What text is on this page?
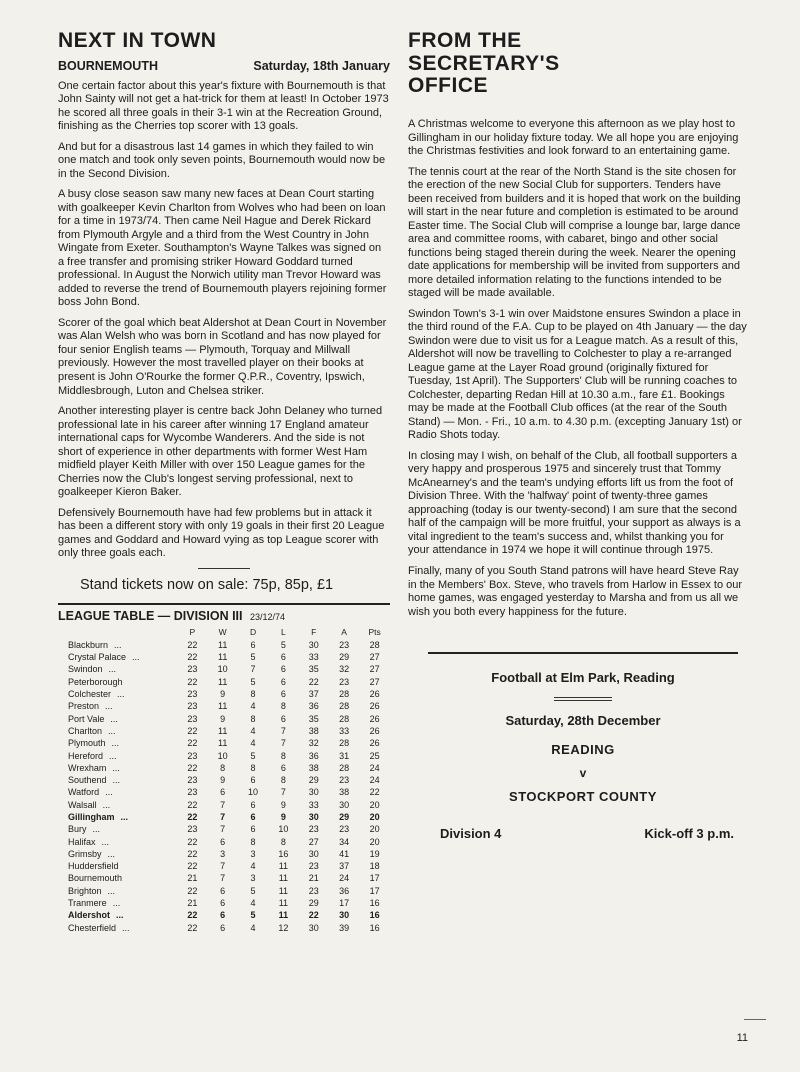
NEXT IN TOWN
BOURNEMOUTH	Saturday, 18th January

One certain factor about this year's fixture with Bournemouth is that John Sainty will not get a hat-trick for them at least! In October 1973 he scored all three goals in their 3-1 win at the Recreation Ground, finishing as the Cherries top scorer with 13 goals.

And but for a disastrous last 14 games in which they failed to win one match and took only seven points, Bournemouth would now be in the Second Division.

A busy close season saw many new faces at Dean Court starting with goalkeeper Kevin Charlton from Wolves who had been on loan for a time in 1973/74. Then came Neil Hague and Derek Rickard from Plymouth Argyle and a third from the West Country in John Wingate from Exeter. Southampton's Wayne Talkes was signed on a free transfer and promising striker Howard Goddard turned professional. In August the Norwich utility man Trevor Howard was added to reverse the trend of Bournemouth players rejoining former boss John Bond.

Scorer of the goal which beat Aldershot at Dean Court in November was Alan Welsh who was born in Scotland and has now played for four senior English teams — Plymouth, Torquay and Millwall previously. However the most travelled player on their books at present is John O'Rourke the former Q.P.R., Coventry, Ipswich, Middlesbrough, Luton and Chelsea striker.

Another interesting player is centre back John Delaney who turned professional late in his career after winning 17 England amateur international caps for Wycombe Wanderers. And the side is not short of experience in other departments with former West Ham midfield player Keith Miller with over 150 League games for the Cherries now the Club's longest serving professional, next to goalkeeper Kieron Baker.

Defensively Bournemouth have had few problems but in attack it has been a different story with only 19 goals in their first 20 League games and Goddard and Howard vying as top League scorer with only three goals each.

Stand tickets now on sale: 75p, 85p, £1
LEAGUE TABLE — DIVISION III 23/12/74
	P	W	D	L	F	A	Pts
Blackburn ...	22	11	6	5	30	23	28
Crystal Palace ...	22	11	5	6	33	29	27
Swindon ...	23	10	7	6	35	32	27
Peterborough	22	11	5	6	22	23	27
Colchester ...	23	9	8	6	37	28	26
Preston ...	23	11	4	8	36	28	26
Port Vale ...	23	9	8	6	35	28	26
Charlton ...	22	11	4	7	38	33	26
Plymouth ...	22	11	4	7	32	28	26
Hereford ...	23	10	5	8	36	31	25
Wrexham ...	22	8	8	6	38	28	24
Southend ...	23	9	6	8	29	23	24
Watford ...	23	6	10	7	30	38	22
Walsall ...	22	7	6	9	33	30	20
Gillingham ...	22	7	6	9	30	29	20
Bury ...	23	7	6	10	23	23	20
Halifax ...	22	6	8	8	27	34	20
Grimsby ...	22	3	3	16	30	41	19
Huddersfield	22	7	4	11	23	37	18
Bournemouth	21	7	3	11	21	24	17
Brighton ...	22	6	5	11	23	36	17
Tranmere ...	21	6	4	11	29	17	16
Aldershot ...	22	6	5	11	22	30	16
Chesterfield ...	22	6	4	12	30	39	16
FROM THE
SECRETARY'S
OFFICE

A Christmas welcome to everyone this afternoon as we play host to Gillingham in our holiday fixture today. We all hope you are enjoying the Christmas festivities and look forward to an entertaining game.

The tennis court at the rear of the North Stand is the site chosen for the erection of the new Social Club for supporters. Tenders have been received from builders and it is hoped that work on the building will start in the near future and completion is estimated to be around Easter time. The Social Club will comprise a lounge bar, large dance area and committee rooms, with cabaret, bingo and other social functions being staged therein during the week. Nearer the opening date applications for membership will be invited from supporters and more detailed information relating to the functions intended to be staged will be made available.

Swindon Town's 3-1 win over Maidstone ensures Swindon a place in the third round of the F.A. Cup to be played on 4th January — the day Swindon were due to visit us for a League match. As a result of this, Aldershot will now be travelling to Colchester to play a re-arranged League game at the Layer Road ground (originally fixtured for Tuesday, 1st April). The Supporters' Club will be running coaches to Colchester, departing Redan Hill at 10.30 a.m., fare £1. Bookings may be made at the Football Club offices (at the rear of the South Stand) — Mon. - Fri., 10 a.m. to 4.30 p.m. (excepting January 1st) or Radio Shots today.

In closing may I wish, on behalf of the Club, all football supporters a very happy and prosperous 1975 and sincerely trust that Tommy McAnearney's and the team's undying efforts lift us from the foot of Division Three. With the 'halfway' point of twenty-three games approaching (today is our twenty-second) I am sure that the second half of the campaign will be more fruitful, your support as always is a vital ingredient to the team's success and, whilst thanking you for your attendance in 1974 we hope it will continue through 1975.

Finally, many of you South Stand patrons will have heard Steve Ray in the Members' Box. Steve, who travels from Harlow in Essex to our home games, was engaged yesterday to Marsha and from us all we wish you both every happiness for the future.

Football at Elm Park, Reading
Saturday, 28th December
READING
v
STOCKPORT COUNTY
Division 4	Kick-off 3 p.m.
11
